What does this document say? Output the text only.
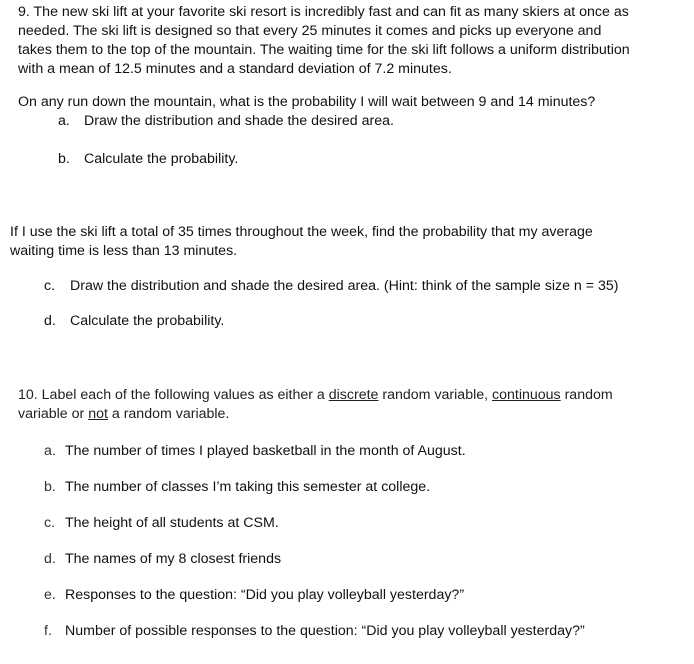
9. The new ski lift at your favorite ski resort is incredibly fast and can fit as many skiers at once as
needed. The ski lift is designed so that every 25 minutes it comes and picks up everyone and
takes them to the top of the mountain. The waiting time for the ski lift follows a uniform distribution
with a mean of 12.5 minutes and a standard deviation of 7.2 minutes.
On any run down the mountain, what is the probability I will wait between 9 and 14 minutes?
a. Draw the distribution and shade the desired area.
b. Calculate the probability.
If I use the ski lift a total of 35 times throughout the week, find the probability that my average
waiting time is less than 13 minutes.
c. Draw the distribution and shade the desired area. (Hint: think of the sample size n = 35)
d. Calculate the probability.
10. Label each of the following values as either a discrete random variable, continuous random
variable or not a random variable.
a. The number of times I played basketball in the month of August.
b. The number of classes I’m taking this semester at college.
c. The height of all students at CSM.
d. The names of my 8 closest friends
e. Responses to the question: “Did you play volleyball yesterday?”
f. Number of possible responses to the question: “Did you play volleyball yesterday?”
